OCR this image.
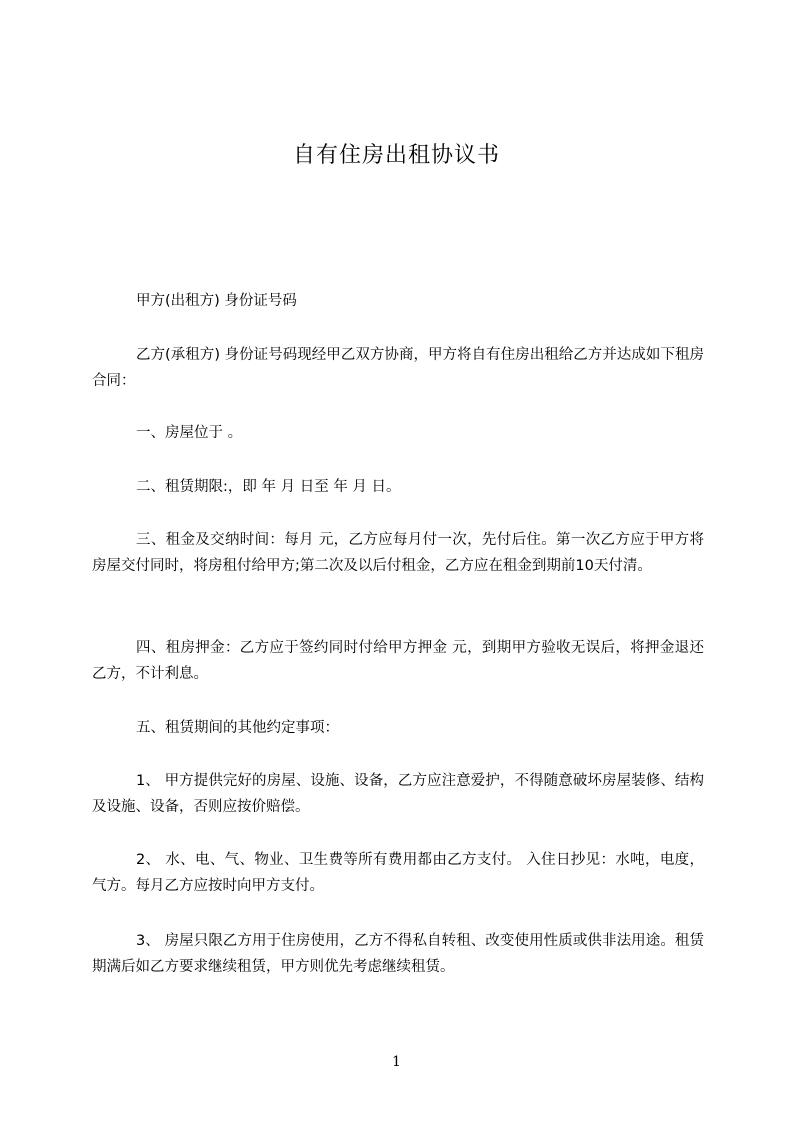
自有住房出租协议书
甲方(出租方) 身份证号码
乙方(承租方) 身份证号码现经甲乙双方协商，甲方将自有住房出租给乙方并达成如下租房合同：
一、房屋位于 。
二、租赁期限:，即 年 月 日至 年 月 日。
三、租金及交纳时间：每月 元，乙方应每月付一次，先付后住。第一次乙方应于甲方将房屋交付同时，将房租付给甲方;第二次及以后付租金，乙方应在租金到期前10天付清。
四、租房押金：乙方应于签约同时付给甲方押金 元，到期甲方验收无误后，将押金退还乙方，不计利息。
五、租赁期间的其他约定事项：
1、 甲方提供完好的房屋、设施、设备，乙方应注意爱护，不得随意破坏房屋装修、结构及设施、设备，否则应按价赔偿。
2、 水、电、气、物业、卫生费等所有费用都由乙方支付。 入住日抄见：水吨，电度，气方。每月乙方应按时向甲方支付。
3、 房屋只限乙方用于住房使用，乙方不得私自转租、改变使用性质或供非法用途。租赁期满后如乙方要求继续租赁，甲方则优先考虑继续租赁。
1
